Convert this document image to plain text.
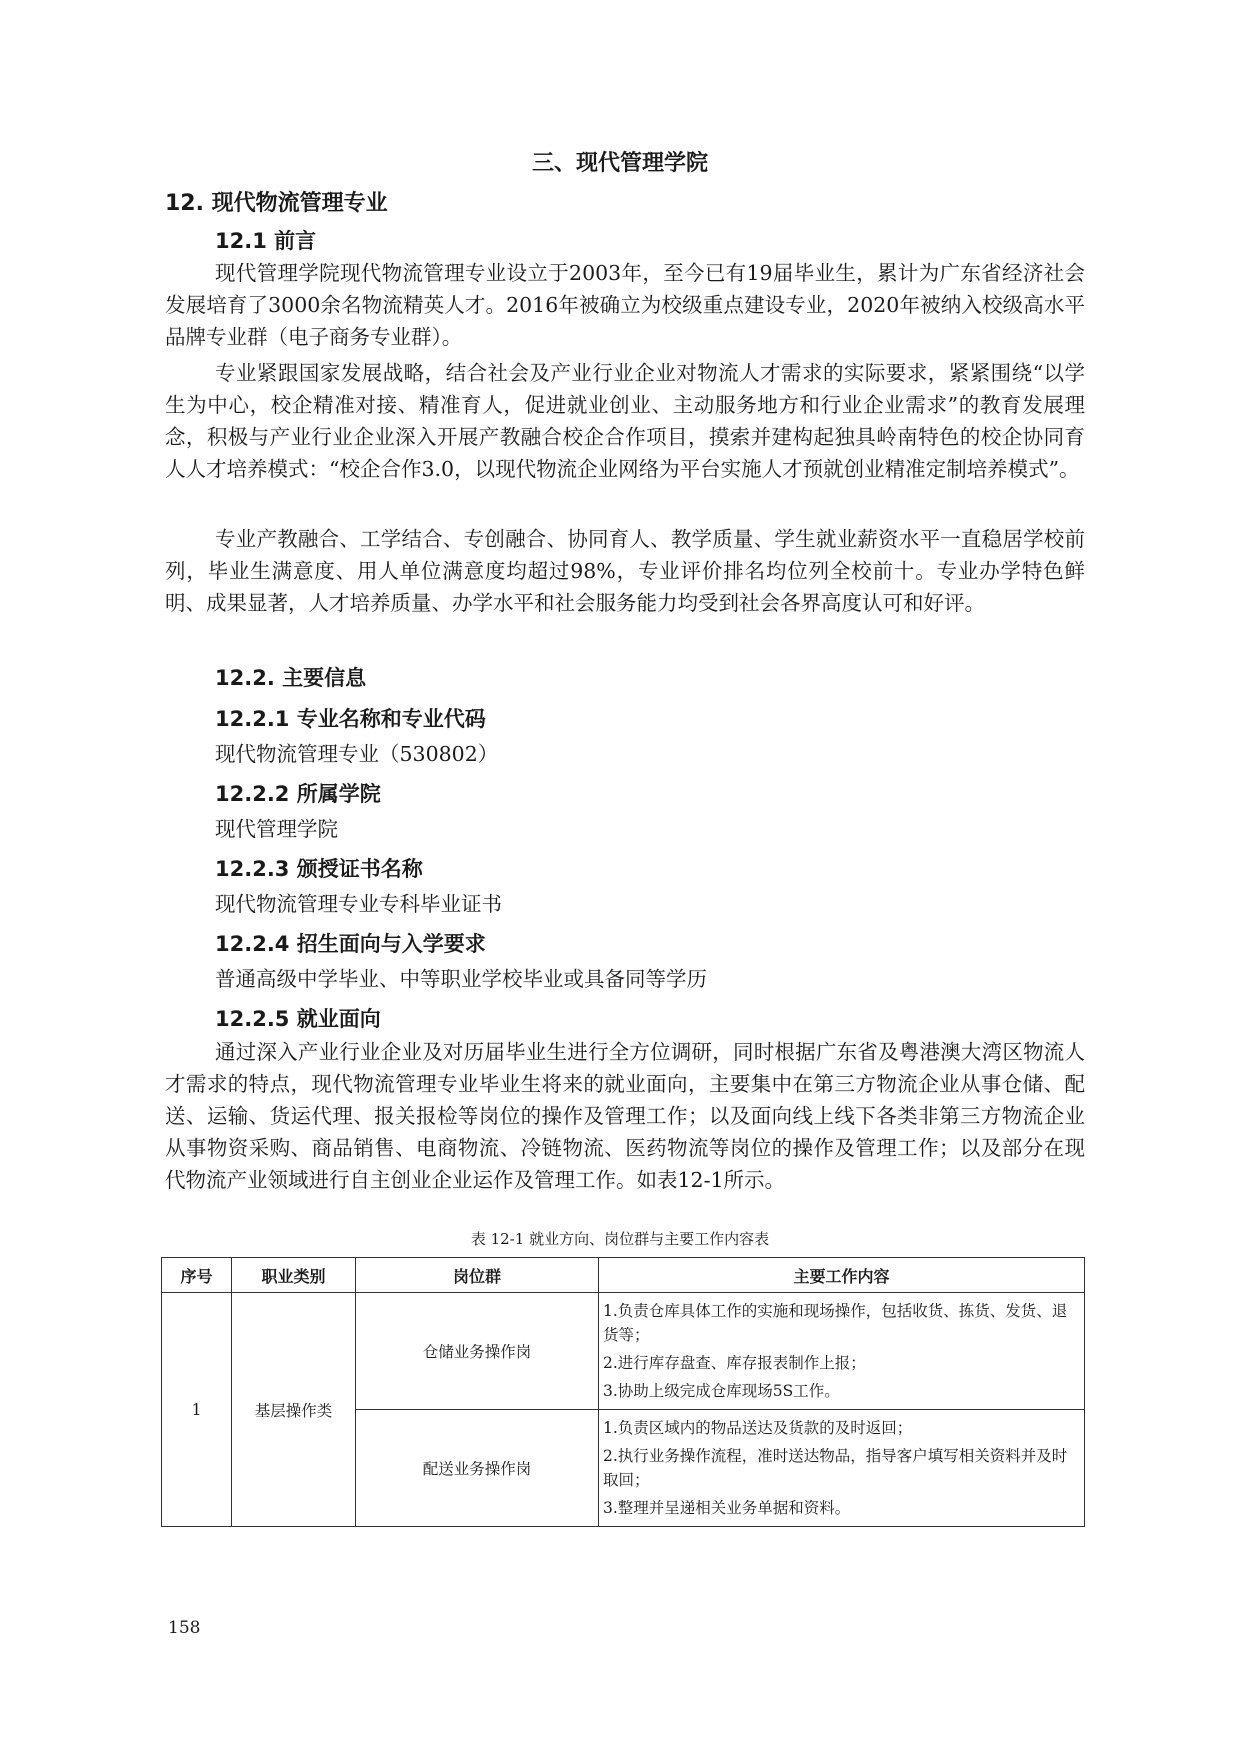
三、现代管理学院
12. 现代物流管理专业
12.1 前言

现代管理学院现代物流管理专业设立于2003年，至今已有19届毕业生，累计为广东省经济社会发展培育了3000余名物流精英人才。2016年被确立为校级重点建设专业，2020年被纳入校级高水平品牌专业群（电子商务专业群）。

专业紧跟国家发展战略，结合社会及产业行业企业对物流人才需求的实际要求，紧紧围绕“以学生为中心，校企精准对接、精准育人，促进就业创业、主动服务地方和行业企业需求”的教育发展理念，积极与产业行业企业深入开展产教融合校企合作项目，摸索并建构起独具岭南特色的校企协同育人人才培养模式：“校企合作3.0，以现代物流企业网络为平台实施人才预就创业精准定制培养模式”。

专业产教融合、工学结合、专创融合、协同育人、教学质量、学生就业薪资水平一直稳居学校前列，毕业生满意度、用人单位满意度均超过98%，专业评价排名均位列全校前十。专业办学特色鲜明、成果显著，人才培养质量、办学水平和社会服务能力均受到社会各界高度认可和好评。

12.2. 主要信息
12.2.1 专业名称和专业代码

现代物流管理专业（530802）

12.2.2 所属学院

现代管理学院

12.2.3 颁授证书名称

现代物流管理专业专科毕业证书

12.2.4 招生面向与入学要求

普通高级中学毕业、中等职业学校毕业或具备同等学历

12.2.5 就业面向

通过深入产业行业企业及对历届毕业生进行全方位调研，同时根据广东省及粤港澳大湾区物流人才需求的特点，现代物流管理专业毕业生将来的就业面向，主要集中在第三方物流企业从事仓储、配送、运输、货运代理、报关报检等岗位的操作及管理工作；以及面向线上线下各类非第三方物流企业从事物资采购、商品销售、电商物流、冷链物流、医药物流等岗位的操作及管理工作；以及部分在现代物流产业领域进行自主创业企业运作及管理工作。如表12-1所示。

表 12-1 就业方向、岗位群与主要工作内容表
序号	职业类别	岗位群	主要工作内容
1	基层操作类	仓储业务操作岗	1.负责仓库具体工作的实施和现场操作，包括收货、拣货、发货、退货等；
2.进行库存盘查、库存报表制作上报；
3.协助上级完成仓库现场5S工作。

		配送业务操作岗	1.负责区域内的物品送达及货款的及时返回；
2.执行业务操作流程，准时送达物品，指导客户填写相关资料并及时取回；
3.整理并呈递相关业务单据和资料。
158
